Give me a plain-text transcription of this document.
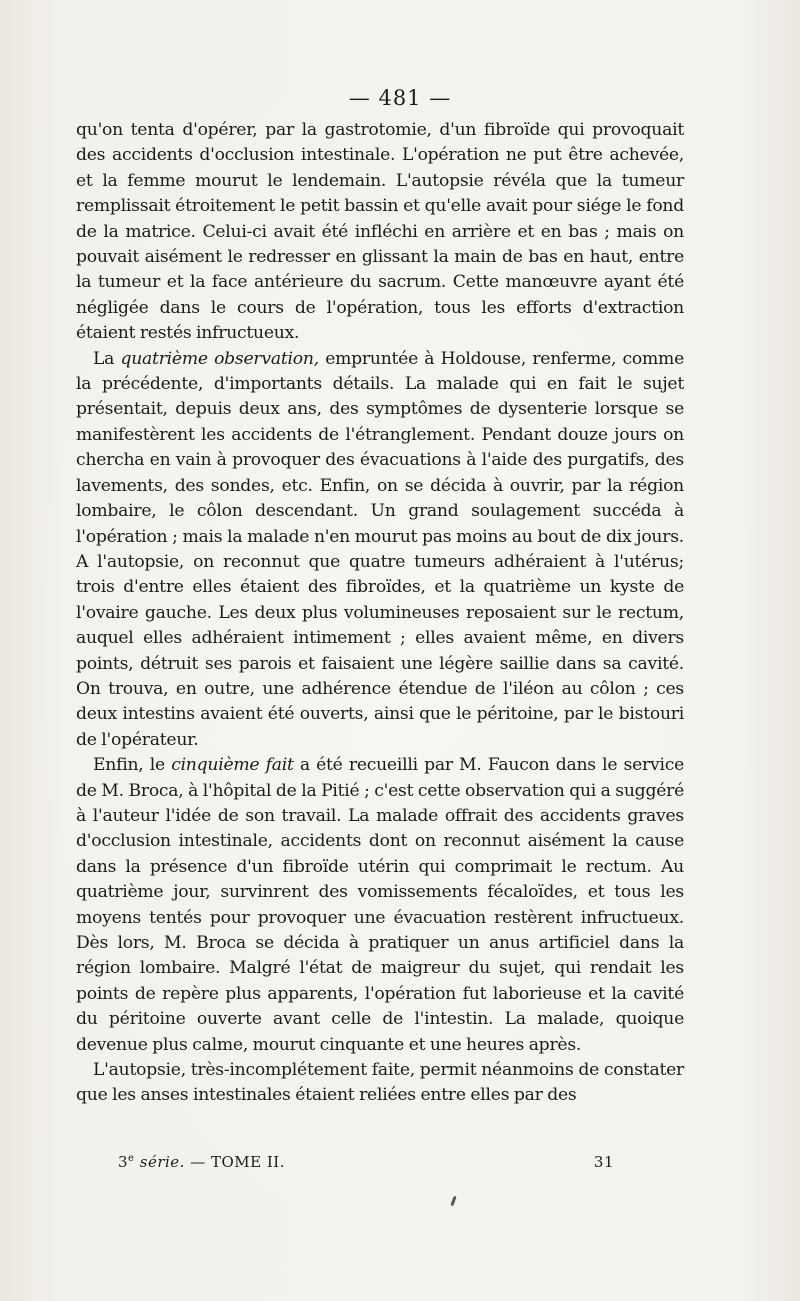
— 481 —

qu'on tenta d'opérer, par la gastrotomie, d'un fibroïde qui provoquait des accidents d'occlusion intestinale. L'opération ne put être achevée, et la femme mourut le lendemain. L'autopsie révéla que la tumeur remplissait étroitement le petit bassin et qu'elle avait pour siége le fond de la matrice. Celui-ci avait été infléchi en arrière et en bas ; mais on pouvait aisément le redresser en glissant la main de bas en haut, entre la tumeur et la face antérieure du sacrum. Cette manœuvre ayant été négligée dans le cours de l'opération, tous les efforts d'extraction étaient restés infructueux.

La quatrième observation, empruntée à Holdouse, renferme, comme la précédente, d'importants détails. La malade qui en fait le sujet présentait, depuis deux ans, des symptômes de dysenterie lorsque se manifestèrent les accidents de l'étranglement. Pendant douze jours on chercha en vain à provoquer des évacuations à l'aide des purgatifs, des lavements, des sondes, etc. Enfin, on se décida à ouvrir, par la région lombaire, le côlon descendant. Un grand soulagement succéda à l'opération ; mais la malade n'en mourut pas moins au bout de dix jours. A l'autopsie, on reconnut que quatre tumeurs adhéraient à l'utérus; trois d'entre elles étaient des fibroïdes, et la quatrième un kyste de l'ovaire gauche. Les deux plus volumineuses reposaient sur le rectum, auquel elles adhéraient intimement ; elles avaient même, en divers points, détruit ses parois et faisaient une légère saillie dans sa cavité. On trouva, en outre, une adhérence étendue de l'iléon au côlon ; ces deux intestins avaient été ouverts, ainsi que le péritoine, par le bistouri de l'opérateur.

Enfin, le cinquième fait a été recueilli par M. Faucon dans le service de M. Broca, à l'hôpital de la Pitié ; c'est cette observation qui a suggéré à l'auteur l'idée de son travail. La malade offrait des accidents graves d'occlusion intestinale, accidents dont on reconnut aisément la cause dans la présence d'un fibroïde utérin qui comprimait le rectum. Au quatrième jour, survinrent des vomissements fécaloïdes, et tous les moyens tentés pour provoquer une évacuation restèrent infructueux. Dès lors, M. Broca se décida à pratiquer un anus artificiel dans la région lombaire. Malgré l'état de maigreur du sujet, qui rendait les points de repère plus apparents, l'opération fut laborieuse et la cavité du péritoine ouverte avant celle de l'intestin. La malade, quoique devenue plus calme, mourut cinquante et une heures après.

L'autopsie, très-incomplétement faite, permit néanmoins de constater que les anses intestinales étaient reliées entre elles par des

3e série. — TOME II.	31
